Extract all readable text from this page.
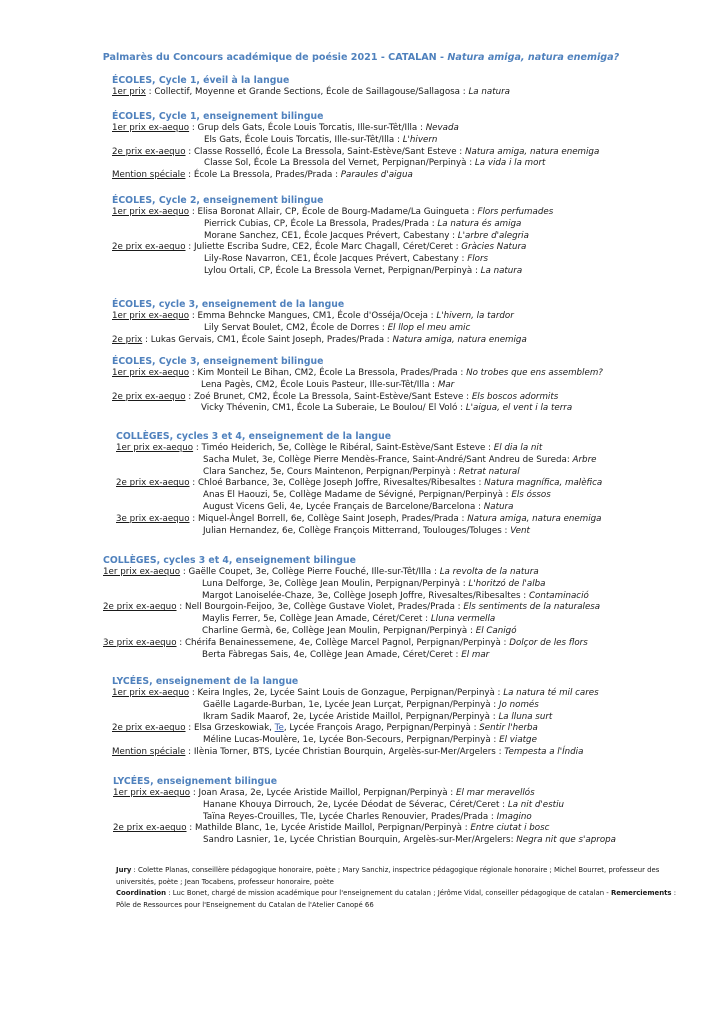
Palmarès du Concours académique de poésie 2021 - CATALAN - Natura amiga, natura enemiga?
ÉCOLES, Cycle 1, éveil à la langue
1er prix : Collectif, Moyenne et Grande Sections, École de Saillagouse/Sallagosa : La natura
ÉCOLES, Cycle 1, enseignement bilingue
1er prix ex-aequo : Grup dels Gats, École Louis Torcatis, Ille-sur-Têt/Illa : Nevada
Els Gats, École Louis Torcatis, Ille-sur-Têt/Illa : L'hivern
2e prix ex-aequo : Classe Rosselló, École La Bressola, Saint-Estève/Sant Esteve : Natura amiga, natura enemiga
Classe Sol, École La Bressola del Vernet, Perpignan/Perpinyà : La vida i la mort
Mention spéciale : École La Bressola, Prades/Prada : Paraules d'aigua
ÉCOLES, Cycle 2, enseignement bilingue
1er prix ex-aequo : Elisa Boronat Allair, CP, École de Bourg-Madame/La Guingueta : Flors perfumades
Pierrick Cubias, CP, École La Bressola, Prades/Prada : La natura és amiga
Morane Sanchez, CE1, École Jacques Prévert, Cabestany : L'arbre d'alegria
2e prix ex-aequo : Juliette Escriba Sudre, CE2, École Marc Chagall, Céret/Ceret : Gràcies Natura
Lily-Rose Navarron, CE1, École Jacques Prévert, Cabestany : Flors
Lylou Ortali, CP, École La Bressola Vernet, Perpignan/Perpinyà : La natura
ÉCOLES, cycle 3, enseignement de la langue
1er prix ex-aequo : Emma Behncke Mangues, CM1, École d'Osséja/Oceja : L'hivern, la tardor
Lily Servat Boulet, CM2, École de Dorres : El llop el meu amic
2e prix : Lukas Gervais, CM1, École Saint Joseph, Prades/Prada : Natura amiga, natura enemiga
ÉCOLES, Cycle 3, enseignement bilingue
1er prix ex-aequo : Kim Monteil Le Bihan, CM2, École La Bressola, Prades/Prada : No trobes que ens assemblem?
Lena Pagès, CM2, École Louis Pasteur, Ille-sur-Têt/Illa : Mar
2e prix ex-aequo : Zoé Brunet, CM2, École La Bressola, Saint-Estève/Sant Esteve : Els boscos adormits
Vicky Thévenin, CM1, École La Suberaie, Le Boulou/ El Voló : L'aigua, el vent i la terra
COLLÈGES, cycles 3 et 4, enseignement de la langue
1er prix ex-aequo : Timéo Heiderich, 5e, Collège le Ribéral, Saint-Estève/Sant Esteve : El dia la nit
Sacha Mulet, 3e, Collège Pierre Mendès-France, Saint-André/Sant Andreu de Sureda: Arbre
Clara Sanchez, 5e, Cours Maintenon, Perpignan/Perpinyà : Retrat natural
2e prix ex-aequo : Chloé Barbance, 3e, Collège Joseph Joffre, Rivesaltes/Ribesaltes : Natura magnífica, malèfica
Anas El Haouzi, 5e, Collège Madame de Sévigné, Perpignan/Perpinyà : Els óssos
August Vicens Geli, 4e, Lycée Français de Barcelone/Barcelona : Natura
3e prix ex-aequo : Miquel-Àngel Borrell, 6e, Collège Saint Joseph, Prades/Prada : Natura amiga, natura enemiga
Julian Hernandez, 6e, Collège François Mitterrand, Toulouges/Toluges : Vent
COLLÈGES, cycles 3 et 4, enseignement bilingue
1er prix ex-aequo : Gaëlle Coupet, 3e, Collège Pierre Fouché, Ille-sur-Têt/Illa : La revolta de la natura
Luna Delforge, 3e, Collège Jean Moulin, Perpignan/Perpinyà : L'horitzó de l'alba
Margot Lanoiselée-Chaze, 3e, Collège Joseph Joffre, Rivesaltes/Ribesaltes : Contaminació
2e prix ex-aequo : Nell Bourgoin-Feijoo, 3e, Collège Gustave Violet, Prades/Prada : Els sentiments de la naturalesa
Maylis Ferrer, 5e, Collège Jean Amade, Céret/Ceret : Lluna vermella
Charline Germà, 6e, Collège Jean Moulin, Perpignan/Perpinyà : El Canigó
3e prix ex-aequo : Chérifa Benainessemene, 4e, Collège Marcel Pagnol, Perpignan/Perpinyà : Dolçor de les flors
Berta Fàbregas Sais, 4e, Collège Jean Amade, Céret/Ceret : El mar
LYCÉES, enseignement de la langue
1er prix ex-aequo : Keira Ingles, 2e, Lycée Saint Louis de Gonzague, Perpignan/Perpinyà : La natura té mil cares
Gaëlle Lagarde-Burban, 1e, Lycée Jean Lurçat, Perpignan/Perpinyà : Jo només
Ikram Sadik Maarof, 2e, Lycée Aristide Maillol, Perpignan/Perpinyà : La lluna surt
2e prix ex-aequo : Elsa Grzeskowiak, Te, Lycée François Arago, Perpignan/Perpinyà : Sentir l'herba
Méline Lucas-Moulère, 1e, Lycée Bon-Secours, Perpignan/Perpinyà : El viatge
Mention spéciale : Ilènia Torner, BTS, Lycée Christian Bourquin, Argelès-sur-Mer/Argelers : Tempesta a l'Índia
LYCÉES, enseignement bilingue
1er prix ex-aequo : Joan Arasa, 2e, Lycée Aristide Maillol, Perpignan/Perpinyà : El mar meravellós
Hanane Khouya Dirrouch, 2e, Lycée Déodat de Séverac, Céret/Ceret : La nit d'estiu
Taïna Reyes-Crouilles, Tle, Lycée Charles Renouvier, Prades/Prada : Imagino
2e prix ex-aequo : Mathilde Blanc, 1e, Lycée Aristide Maillol, Perpignan/Perpinyà : Entre ciutat i bosc
Sandro Lasnier, 1e, Lycée Christian Bourquin, Argelès-sur-Mer/Argelers: Negra nit que s'apropa
Jury : Colette Planas, conseillère pédagogique honoraire, poète ; Mary Sanchiz, inspectrice pédagogique régionale honoraire ; Michel Bourret, professeur des universités, poète ; Jean Tocabens, professeur honoraire, poète
Coordination : Luc Bonet, chargé de mission académique pour l'enseignement du catalan ; Jérôme Vidal, conseiller pédagogique de catalan - Remerciements : Pôle de Ressources pour l'Enseignement du Catalan de l'Atelier Canopé 66
